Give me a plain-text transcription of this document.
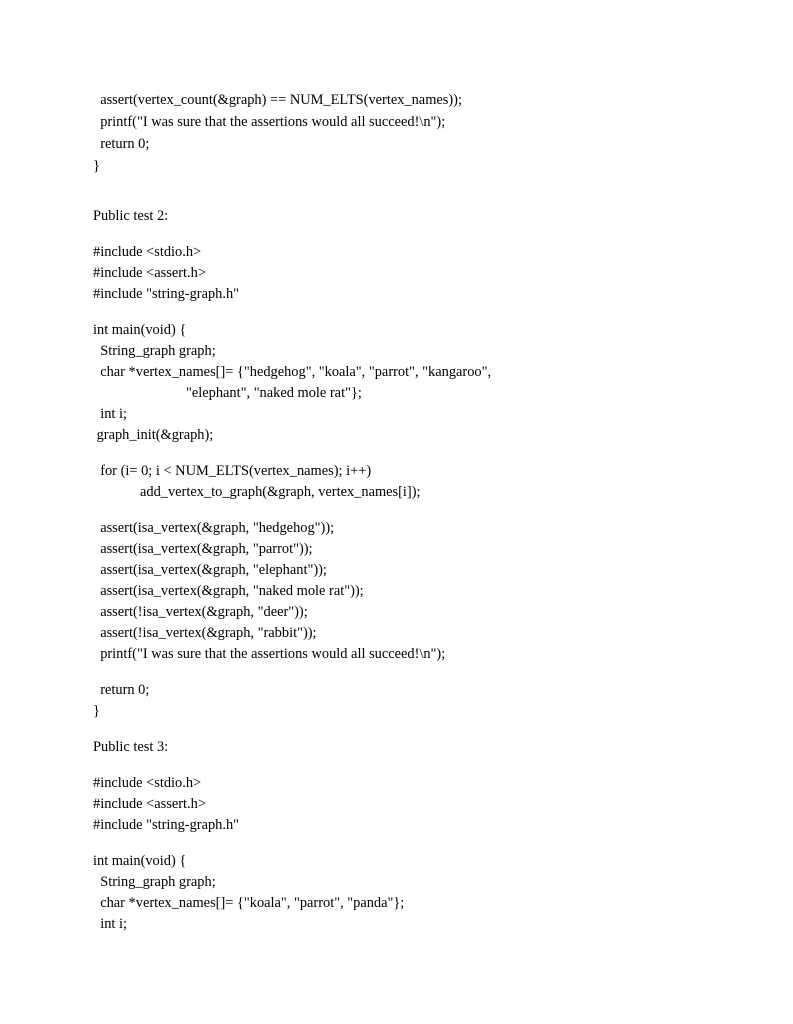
assert(vertex_count(&graph) == NUM_ELTS(vertex_names));
printf("I was sure that the assertions would all succeed!\n");
return 0;
}
Public test 2:
#include <stdio.h>
#include <assert.h>
#include "string-graph.h"
int main(void) {
String_graph graph;
char *vertex_names[]= {"hedgehog", "koala", "parrot", "kangaroo",
"elephant", "naked mole rat"};
int i;
graph_init(&graph);
for (i= 0; i < NUM_ELTS(vertex_names); i++)
add_vertex_to_graph(&graph, vertex_names[i]);
assert(isa_vertex(&graph, "hedgehog"));
assert(isa_vertex(&graph, "parrot"));
assert(isa_vertex(&graph, "elephant"));
assert(isa_vertex(&graph, "naked mole rat"));
assert(!isa_vertex(&graph, "deer"));
assert(!isa_vertex(&graph, "rabbit"));
printf("I was sure that the assertions would all succeed!\n");
return 0;
}
Public test 3:
#include <stdio.h>
#include <assert.h>
#include "string-graph.h"
int main(void) {
String_graph graph;
char *vertex_names[]= {"koala", "parrot", "panda"};
int i;
